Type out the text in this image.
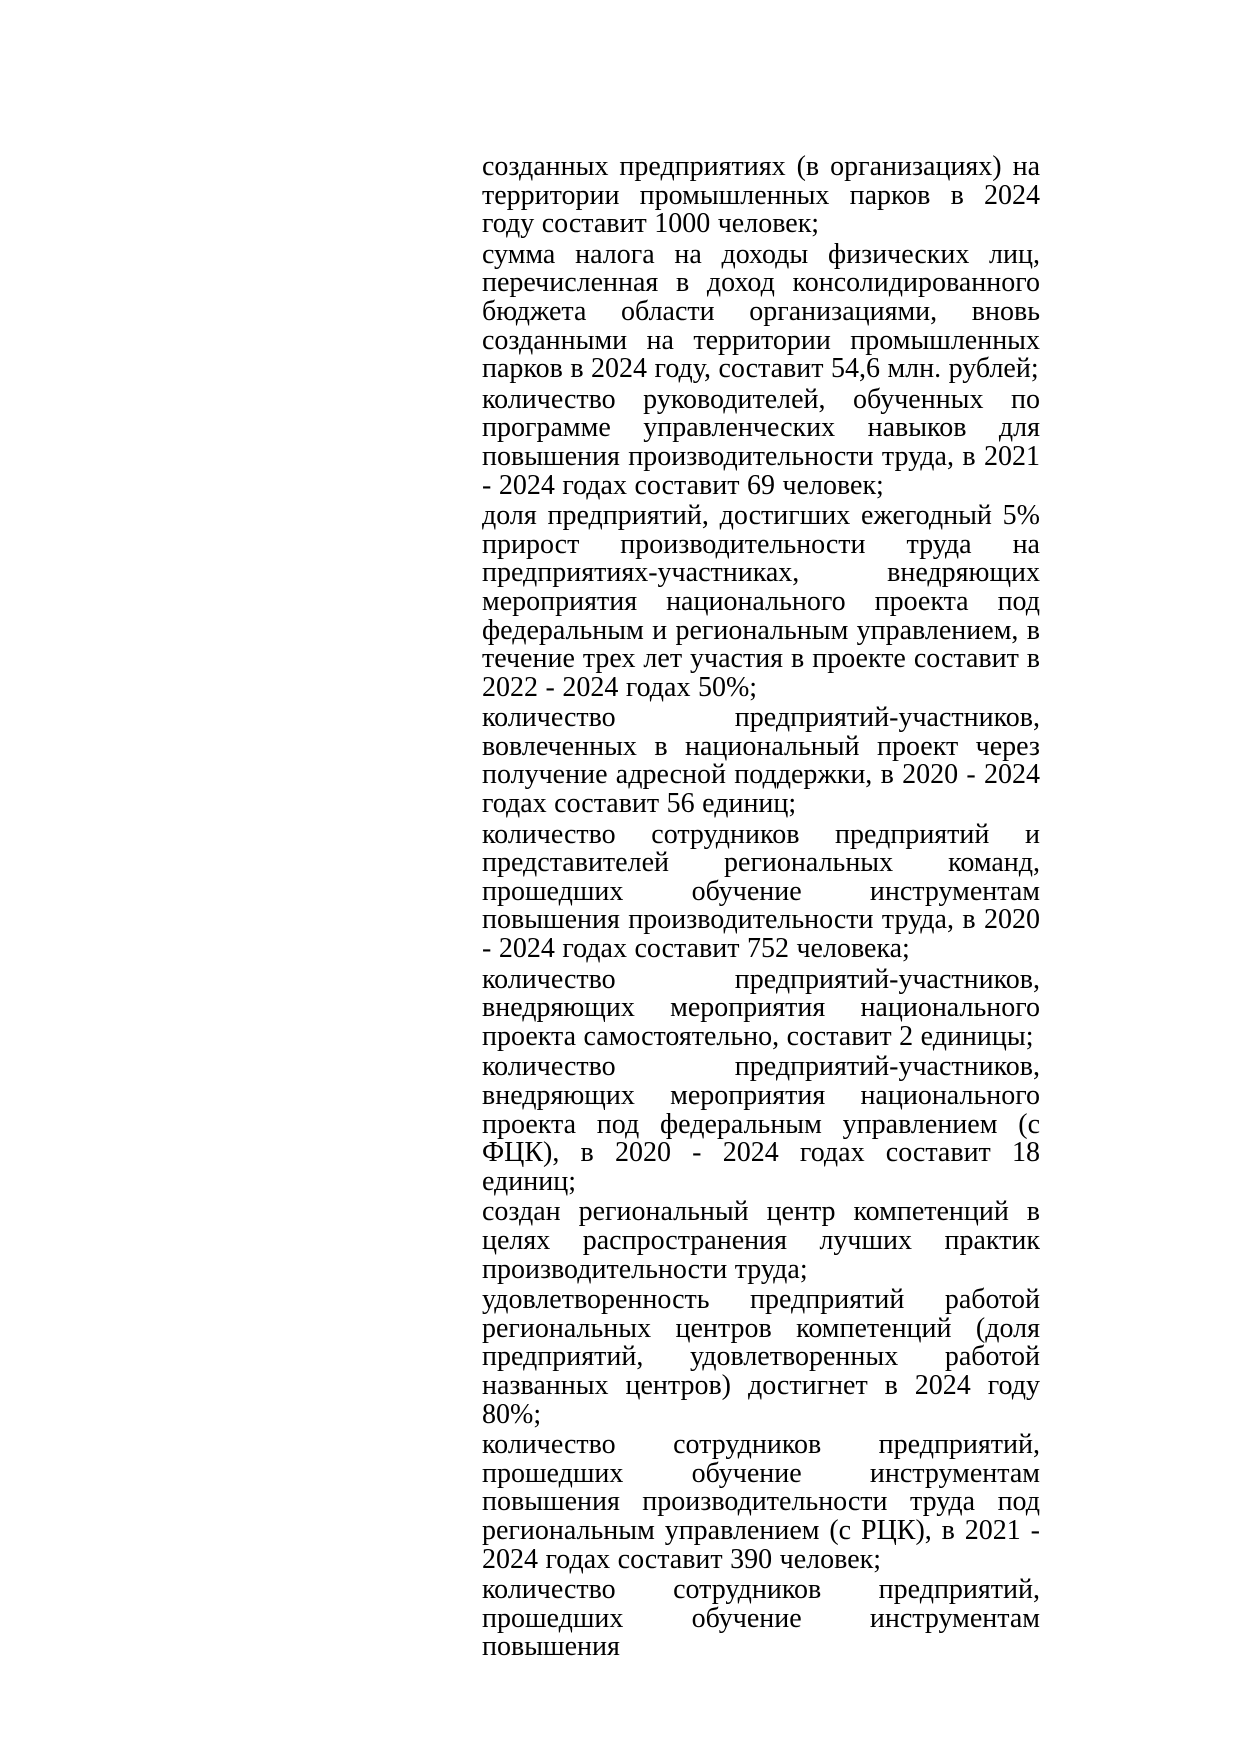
созданных предприятиях (в организациях) на территории промышленных парков в 2024 году составит 1000 человек;

сумма налога на доходы физических лиц, перечисленная в доход консолидированного бюджета области организациями, вновь созданными на территории промышленных парков в 2024 году, составит 54,6 млн. рублей;

количество руководителей, обученных по программе управленческих навыков для повышения производительности труда, в 2021 - 2024 годах составит 69 человек;

доля предприятий, достигших ежегодный 5% прирост производительности труда на предприятиях-участниках, внедряющих мероприятия национального проекта под федеральным и региональным управлением, в течение трех лет участия в проекте составит в 2022 - 2024 годах 50%;

количество предприятий-участников, вовлеченных в национальный проект через получение адресной поддержки, в 2020 - 2024 годах составит 56 единиц;

количество сотрудников предприятий и представителей региональных команд, прошедших обучение инструментам повышения производительности труда, в 2020 - 2024 годах составит 752 человека;

количество предприятий-участников, внедряющих мероприятия национального проекта самостоятельно, составит 2 единицы;

количество предприятий-участников, внедряющих мероприятия национального проекта под федеральным управлением (с ФЦК), в 2020 - 2024 годах составит 18 единиц;

создан региональный центр компетенций в целях распространения лучших практик производительности труда;

удовлетворенность предприятий работой региональных центров компетенций (доля предприятий, удовлетворенных работой названных центров) достигнет в 2024 году 80%;

количество сотрудников предприятий, прошедших обучение инструментам повышения производительности труда под региональным управлением (с РЦК), в 2021 - 2024 годах составит 390 человек;

количество сотрудников предприятий, прошедших обучение инструментам повышения
